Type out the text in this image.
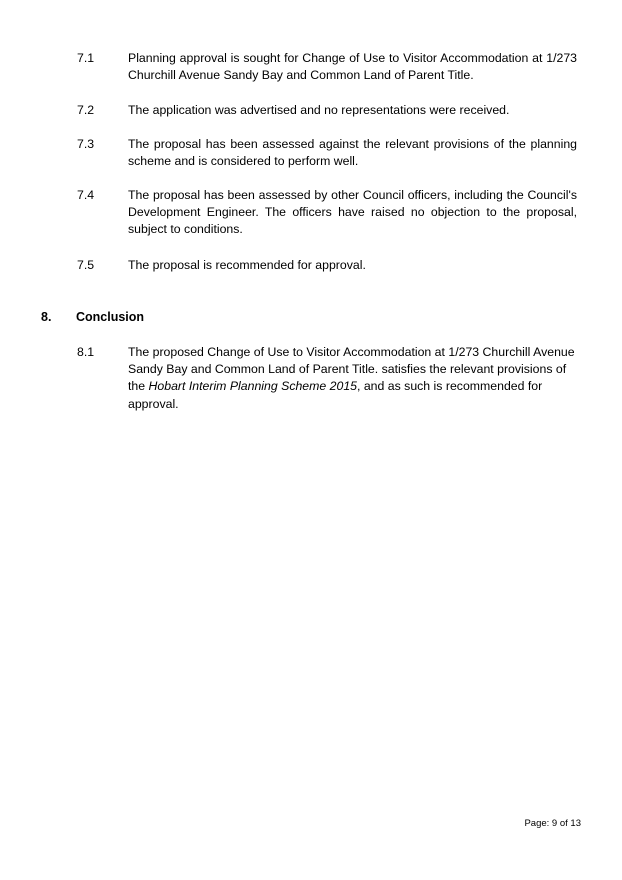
7.1	Planning approval is sought for Change of Use to Visitor Accommodation at 1/273 Churchill Avenue Sandy Bay and Common Land of Parent Title.
7.2	The application was advertised and no representations were received.
7.3	The proposal has been assessed against the relevant provisions of the planning scheme and is considered to perform well.
7.4	The proposal has been assessed by other Council officers, including the Council's Development Engineer. The officers have raised no objection to the proposal, subject to conditions.
7.5	The proposal is recommended for approval.
8. Conclusion
8.1	The proposed Change of Use to Visitor Accommodation at 1/273 Churchill Avenue Sandy Bay and Common Land of Parent Title. satisfies the relevant provisions of the Hobart Interim Planning Scheme 2015, and as such is recommended for approval.
Page: 9 of 13
